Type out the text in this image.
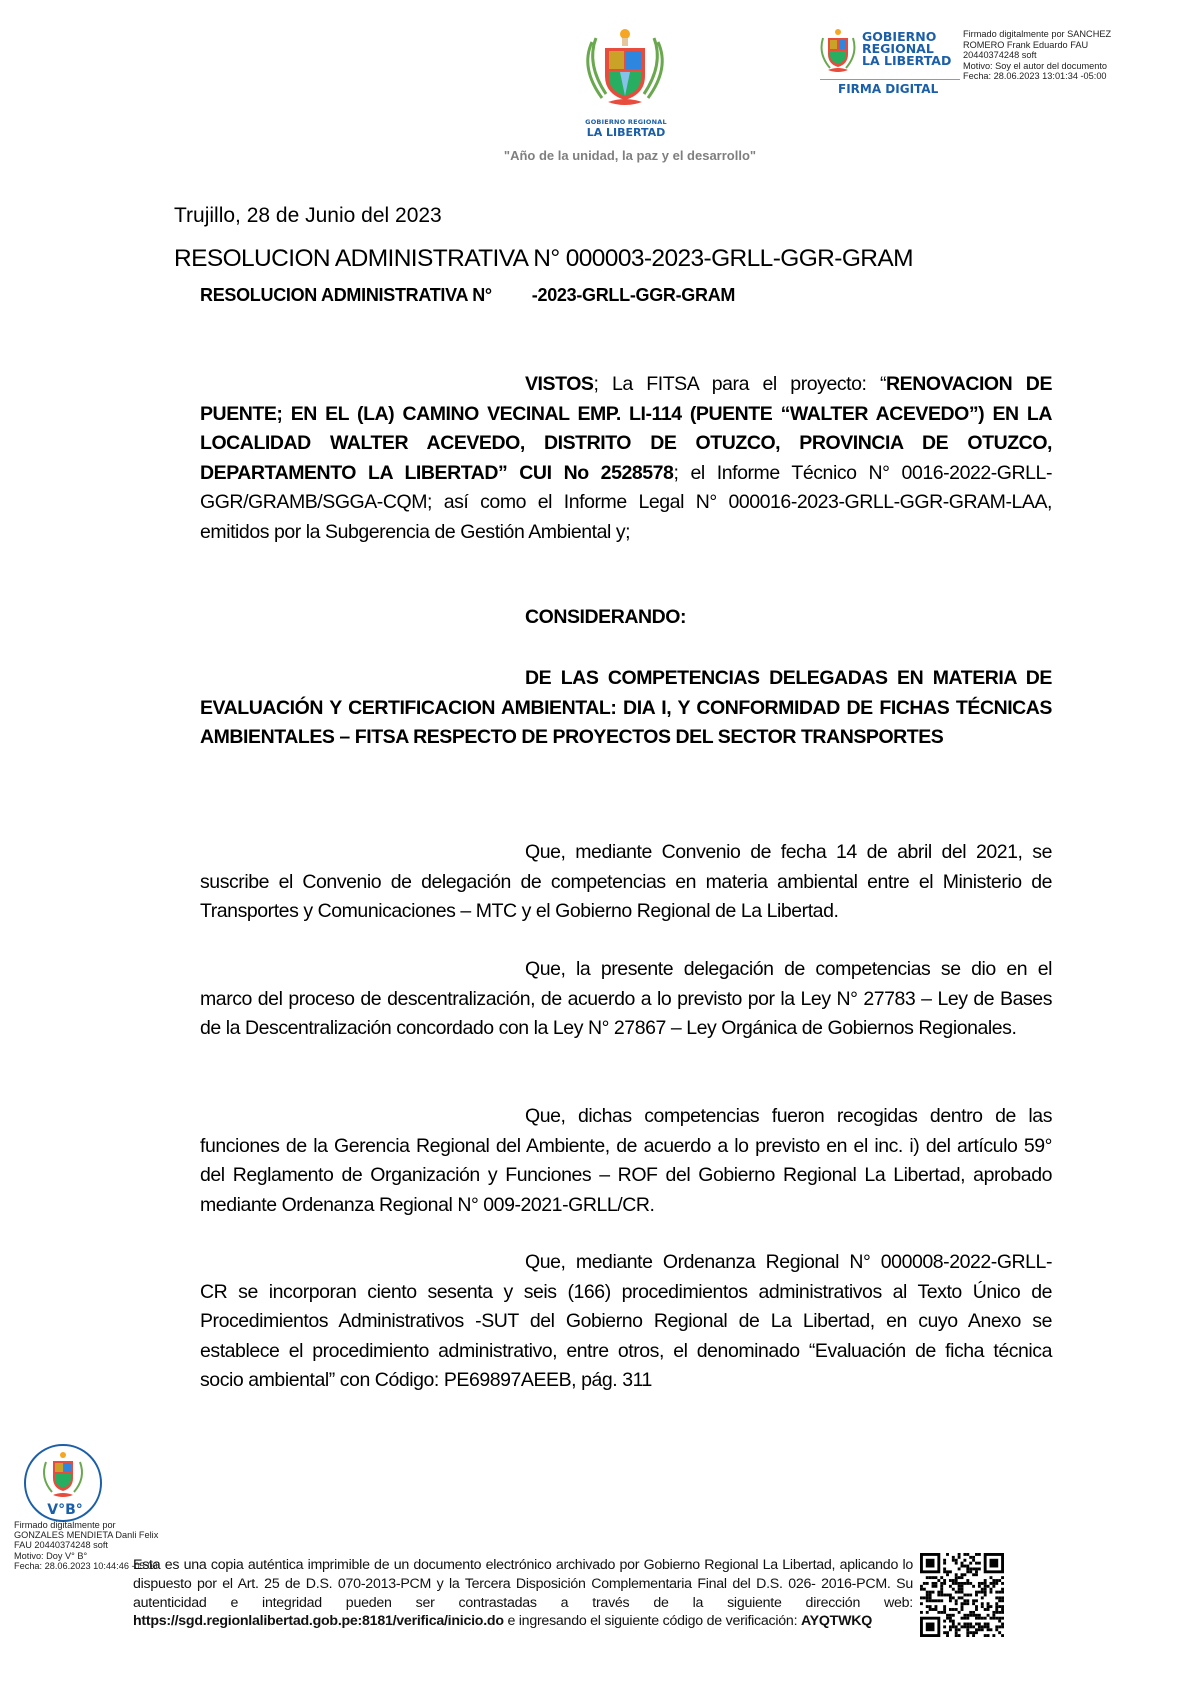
GOBIERNO REGIONAL
LA LIBERTAD
"Año de la unidad, la paz y el desarrollo"
GOBIERNO
REGIONAL
LA LIBERTAD
FIRMA DIGITAL
Firmado digitalmente por SANCHEZ
ROMERO Frank Eduardo FAU
20440374248 soft
Motivo: Soy el autor del documento
Fecha: 28.06.2023 13:01:34 -05:00
Trujillo, 28 de Junio del 2023
RESOLUCION ADMINISTRATIVA N° 000003-2023-GRLL-GGR-GRAM
RESOLUCION ADMINISTRATIVA N° -2023-GRLL-GGR-GRAM
VISTOS; La FITSA para el proyecto: “RENOVACION DE PUENTE; EN EL (LA) CAMINO VECINAL EMP. LI-114 (PUENTE “WALTER ACEVEDO”) EN LA LOCALIDAD WALTER ACEVEDO, DISTRITO DE OTUZCO, PROVINCIA DE OTUZCO, DEPARTAMENTO LA LIBERTAD” CUI No 2528578; el Informe Técnico N° 0016-2022-GRLL-GGR/GRAMB/SGGA-CQM; así como el Informe Legal N° 000016-2023-GRLL-GGR-GRAM-LAA, emitidos por la Subgerencia de Gestión Ambiental y;
CONSIDERANDO:
DE LAS COMPETENCIAS DELEGADAS EN MATERIA DE EVALUACIÓN Y CERTIFICACION AMBIENTAL: DIA I, Y CONFORMIDAD DE FICHAS TÉCNICAS AMBIENTALES – FITSA RESPECTO DE PROYECTOS DEL SECTOR TRANSPORTES
Que, mediante Convenio de fecha 14 de abril del 2021, se suscribe el Convenio de delegación de competencias en materia ambiental entre el Ministerio de Transportes y Comunicaciones – MTC y el Gobierno Regional de La Libertad.
Que, la presente delegación de competencias se dio en el marco del proceso de descentralización, de acuerdo a lo previsto por la Ley N° 27783 – Ley de Bases de la Descentralización concordado con la Ley N° 27867 – Ley Orgánica de Gobiernos Regionales.
Que, dichas competencias fueron recogidas dentro de las funciones de la Gerencia Regional del Ambiente, de acuerdo a lo previsto en el inc. i) del artículo 59° del Reglamento de Organización y Funciones – ROF del Gobierno Regional La Libertad, aprobado mediante Ordenanza Regional N° 009-2021-GRLL/CR.
Que, mediante Ordenanza Regional N° 000008-2022-GRLL-CR se incorporan ciento sesenta y seis (166) procedimientos administrativos al Texto Único de Procedimientos Administrativos -SUT del Gobierno Regional de La Libertad, en cuyo Anexo se establece el procedimiento administrativo, entre otros, el denominado “Evaluación de ficha técnica socio ambiental” con Código: PE69897AEEB, pág. 311
V°B°
Firmado digitalmente por
GONZALES MENDIETA Danli Felix
FAU 20440374248 soft
Motivo: Doy V° B°
Fecha: 28.06.2023 10:44:46 -05:00
Esta es una copia auténtica imprimible de un documento electrónico archivado por Gobierno Regional La Libertad, aplicando lo dispuesto por el Art. 25 de D.S. 070-2013-PCM y la Tercera Disposición Complementaria Final del D.S. 026- 2016-PCM. Su autenticidad e integridad pueden ser contrastadas a través de la siguiente dirección web: https://sgd.regionlalibertad.gob.pe:8181/verifica/inicio.do e ingresando el siguiente código de verificación: AYQTWKQ
